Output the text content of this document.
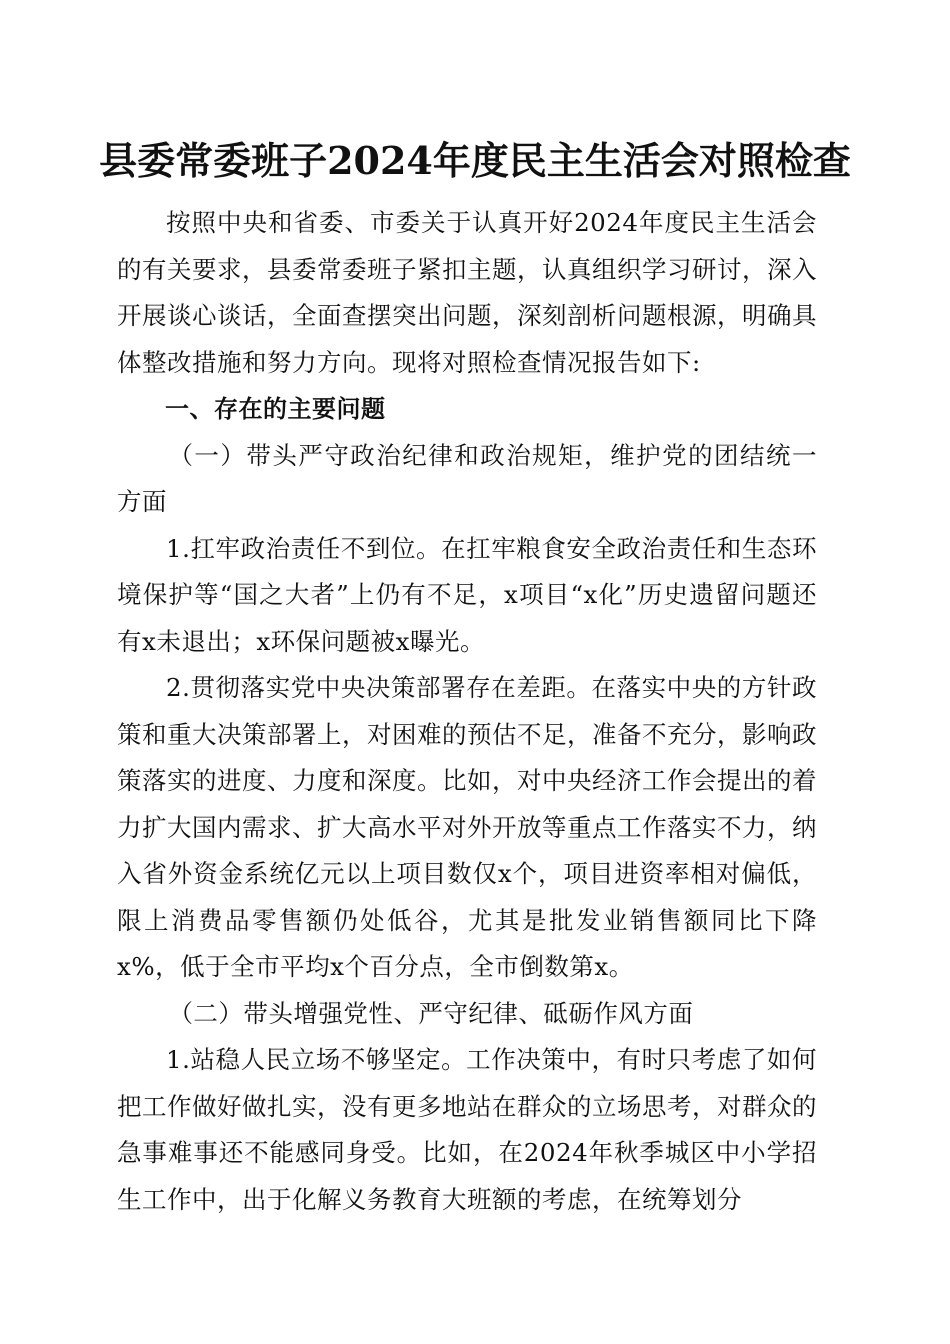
县委常委班子2024年度民主生活会对照检查

按照中央和省委、市委关于认真开好2024年度民主生活会的有关要求，县委常委班子紧扣主题，认真组织学习研讨，深入开展谈心谈话，全面查摆突出问题，深刻剖析问题根源，明确具体整改措施和努力方向。现将对照检查情况报告如下:

一、存在的主要问题

（一）带头严守政治纪律和政治规矩，维护党的团结统一方面

1.扛牢政治责任不到位。在扛牢粮食安全政治责任和生态环境保护等“国之大者”上仍有不足，x项目“x化”历史遗留问题还有x未退出；x环保问题被x曝光。

2.贯彻落实党中央决策部署存在差距。在落实中央的方针政策和重大决策部署上，对困难的预估不足，准备不充分，影响政策落实的进度、力度和深度。比如，对中央经济工作会提出的着力扩大国内需求、扩大高水平对外开放等重点工作落实不力，纳入省外资金系统亿元以上项目数仅x个，项目进资率相对偏低，限上消费品零售额仍处低谷，尤其是批发业销售额同比下降x%，低于全市平均x个百分点，全市倒数第x。

（二）带头增强党性、严守纪律、砥砺作风方面

1.站稳人民立场不够坚定。工作决策中，有时只考虑了如何把工作做好做扎实，没有更多地站在群众的立场思考，对群众的急事难事还不能感同身受。比如，在2024年秋季城区中小学招生工作中，出于化解义务教育大班额的考虑，在统筹划分
